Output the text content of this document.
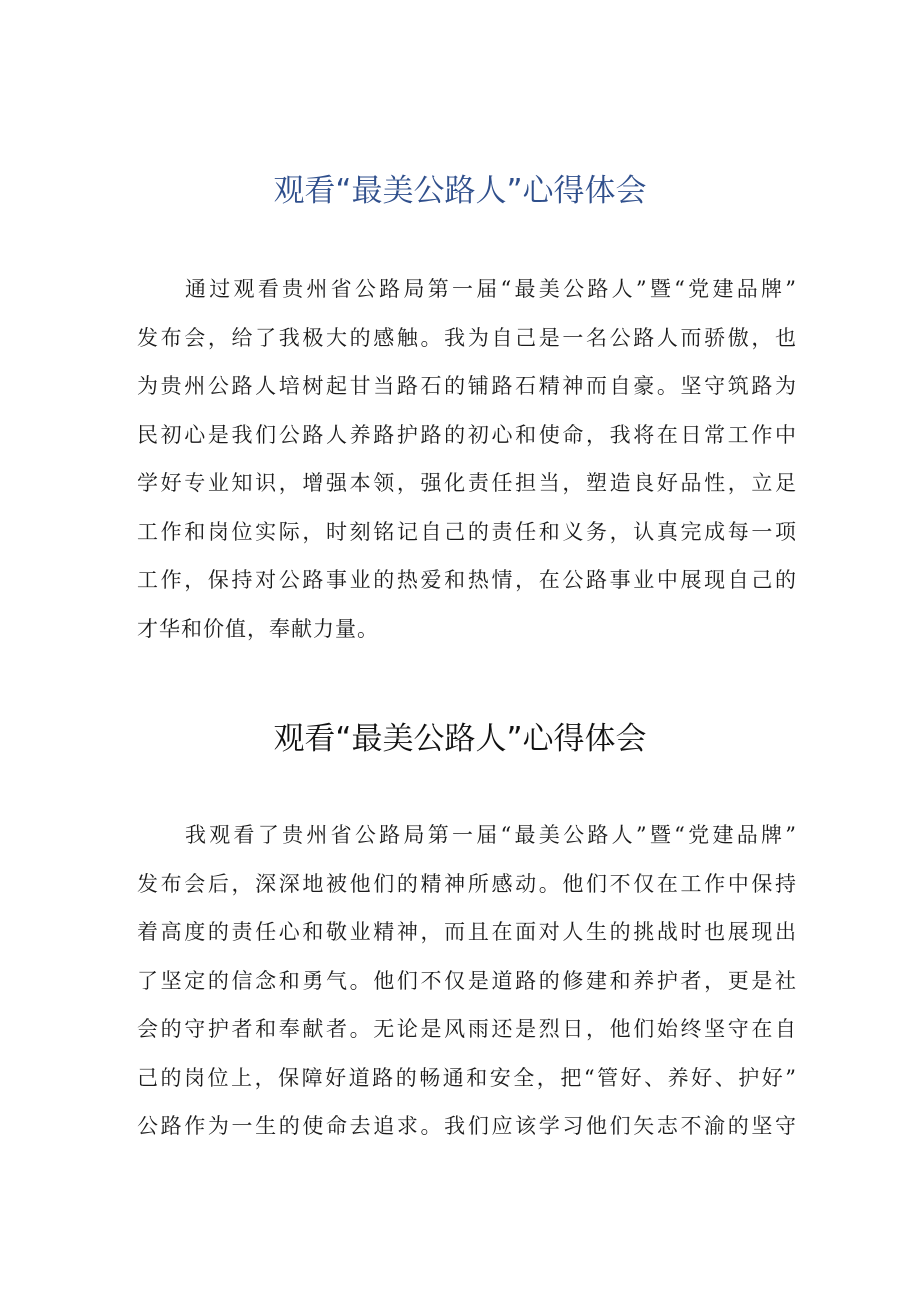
观看“最美公路人”心得体会
通过观看贵州省公路局第一届“最美公路人”暨“党建品牌”
发布会，给了我极大的感触。我为自己是一名公路人而骄傲，也
为贵州公路人培树起甘当路石的铺路石精神而自豪。坚守筑路为
民初心是我们公路人养路护路的初心和使命，我将在日常工作中
学好专业知识，增强本领，强化责任担当，塑造良好品性，立足
工作和岗位实际，时刻铭记自己的责任和义务，认真完成每一项
工作，保持对公路事业的热爱和热情，在公路事业中展现自己的
才华和价值，奉献力量。
观看“最美公路人”心得体会
我观看了贵州省公路局第一届“最美公路人”暨“党建品牌”
发布会后，深深地被他们的精神所感动。他们不仅在工作中保持
着高度的责任心和敬业精神，而且在面对人生的挑战时也展现出
了坚定的信念和勇气。他们不仅是道路的修建和养护者，更是社
会的守护者和奉献者。无论是风雨还是烈日，他们始终坚守在自
己的岗位上，保障好道路的畅通和安全，把“管好、养好、护好”
公路作为一生的使命去追求。我们应该学习他们矢志不渝的坚守
